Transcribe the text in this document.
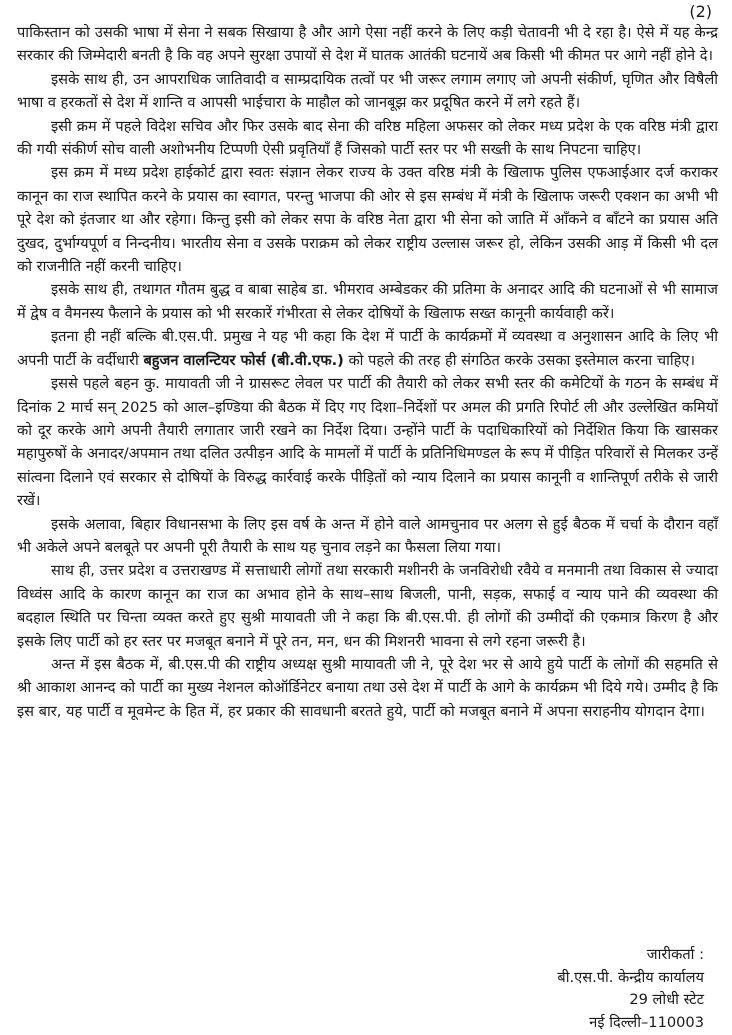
(2)

पाकिस्तान को उसकी भाषा में सेना ने सबक सिखाया है और आगे ऐसा नहीं करने के लिए कड़ी चेतावनी भी दे रहा है। ऐसे में यह केन्द्र सरकार की जिम्मेदारी बनती है कि वह अपने सुरक्षा उपायों से देश में घातक आतंकी घटनायें अब किसी भी कीमत पर आगे नहीं होने दे।

इसके साथ ही, उन आपराधिक जातिवादी व साम्प्रदायिक तत्वों पर भी जरूर लगाम लगाए जो अपनी संकीर्ण, घृणित और विषैली भाषा व हरकतों से देश में शान्ति व आपसी भाईचारा के माहौल को जानबूझ कर प्रदूषित करने में लगे रहते हैं।

इसी क्रम में पहले विदेश सचिव और फिर उसके बाद सेना की वरिष्ठ महिला अफसर को लेकर मध्य प्रदेश के एक वरिष्ठ मंत्री द्वारा की गयी संकीर्ण सोच वाली अशोभनीय टिप्पणी ऐसी प्रवृतियाँ हैं जिसको पार्टी स्तर पर भी सख्ती के साथ निपटना चाहिए।

इस क्रम में मध्य प्रदेश हाईकोर्ट द्वारा स्वतः संज्ञान लेकर राज्य के उक्त वरिष्ठ मंत्री के खिलाफ पुलिस एफआईआर दर्ज कराकर कानून का राज स्थापित करने के प्रयास का स्वागत, परन्तु भाजपा की ओर से इस सम्बंध में मंत्री के खिलाफ जरूरी एक्शन का अभी भी पूरे देश को इंतजार था और रहेगा। किन्तु इसी को लेकर सपा के वरिष्ठ नेता द्वारा भी सेना को जाति में आँकने व बाँटने का प्रयास अति दुखद, दुर्भाग्यपूर्ण व निन्दनीय। भारतीय सेना व उसके पराक्रम को लेकर राष्ट्रीय उल्लास जरूर हो, लेकिन उसकी आड़ में किसी भी दल को राजनीति नहीं करनी चाहिए।

इसके साथ ही, तथागत गौतम बुद्ध व बाबा साहेब डा. भीमराव अम्बेडकर की प्रतिमा के अनादर आदि की घटनाओं से भी सामाज में द्वेष व वैमनस्य फैलाने के प्रयास को भी सरकारें गंभीरता से लेकर दोषियों के खिलाफ सख्त कानूनी कार्यवाही करें।

इतना ही नहीं बल्कि बी.एस.पी. प्रमुख ने यह भी कहा कि देश में पार्टी के कार्यक्रमों में व्यवस्था व अनुशासन आदि के लिए भी अपनी पार्टी के वर्दीधारी बहुजन वालन्टियर फोर्स (बी.वी.एफ.) को पहले की तरह ही संगठित करके उसका इस्तेमाल करना चाहिए।

इससे पहले बहन कु. मायावती जी ने ग्रासरूट लेवल पर पार्टी की तैयारी को लेकर सभी स्तर की कमेटियों के गठन के सम्बंध में दिनांक 2 मार्च सन् 2025 को आल–इण्डिया की बैठक में दिए गए दिशा–निर्देशों पर अमल की प्रगति रिपोर्ट ली और उल्लेखित कमियों को दूर करके आगे अपनी तैयारी लगातार जारी रखने का निर्देश दिया। उन्होंने पार्टी के पदाधिकारियों को निर्देशित किया कि खासकर महापुरुषों के अनादर/अपमान तथा दलित उत्पीड़न आदि के मामलों में पार्टी के प्रतिनिधिमण्डल के रूप में पीड़ित परिवारों से मिलकर उन्हें सांत्वना दिलाने एवं सरकार से दोषियों के विरुद्ध कार्रवाई करके पीड़ितों को न्याय दिलाने का प्रयास कानूनी व शान्तिपूर्ण तरीके से जारी रखें।

इसके अलावा, बिहार विधानसभा के लिए इस वर्ष के अन्त में होने वाले आमचुनाव पर अलग से हुई बैठक में चर्चा के दौरान वहाँ भी अकेले अपने बलबूते पर अपनी पूरी तैयारी के साथ यह चुनाव लड़ने का फैसला लिया गया।

साथ ही, उत्तर प्रदेश व उत्तराखण्ड में सत्ताधारी लोगों तथा सरकारी मशीनरी के जनविरोधी रवैये व मनमानी तथा विकास से ज्यादा विध्वंस आदि के कारण कानून का राज का अभाव होने के साथ–साथ बिजली, पानी, सड़क, सफाई व न्याय पाने की व्यवस्था की बदहाल स्थिति पर चिन्ता व्यक्त करते हुए सुश्री मायावती जी ने कहा कि बी.एस.पी. ही लोगों की उम्मीदों की एकमात्र किरण है और इसके लिए पार्टी को हर स्तर पर मजबूत बनाने में पूरे तन, मन, धन की मिशनरी भावना से लगे रहना जरूरी है।

अन्त में इस बैठक में, बी.एस.पी की राष्ट्रीय अध्यक्ष सुश्री मायावती जी ने, पूरे देश भर से आये हुये पार्टी के लोगों की सहमति से श्री आकाश आनन्द को पार्टी का मुख्य नेशनल कोऑर्डिनेटर बनाया तथा उसे देश में पार्टी के आगे के कार्यक्रम भी दिये गये। उम्मीद है कि इस बार, यह पार्टी व मूवमेन्ट के हित में, हर प्रकार की सावधानी बरतते हुये, पार्टी को मजबूत बनाने में अपना सराहनीय योगदान देगा।

जारीकर्ता :
बी.एस.पी. केन्द्रीय कार्यालय
29 लोधी स्टेट
नई दिल्ली–110003
